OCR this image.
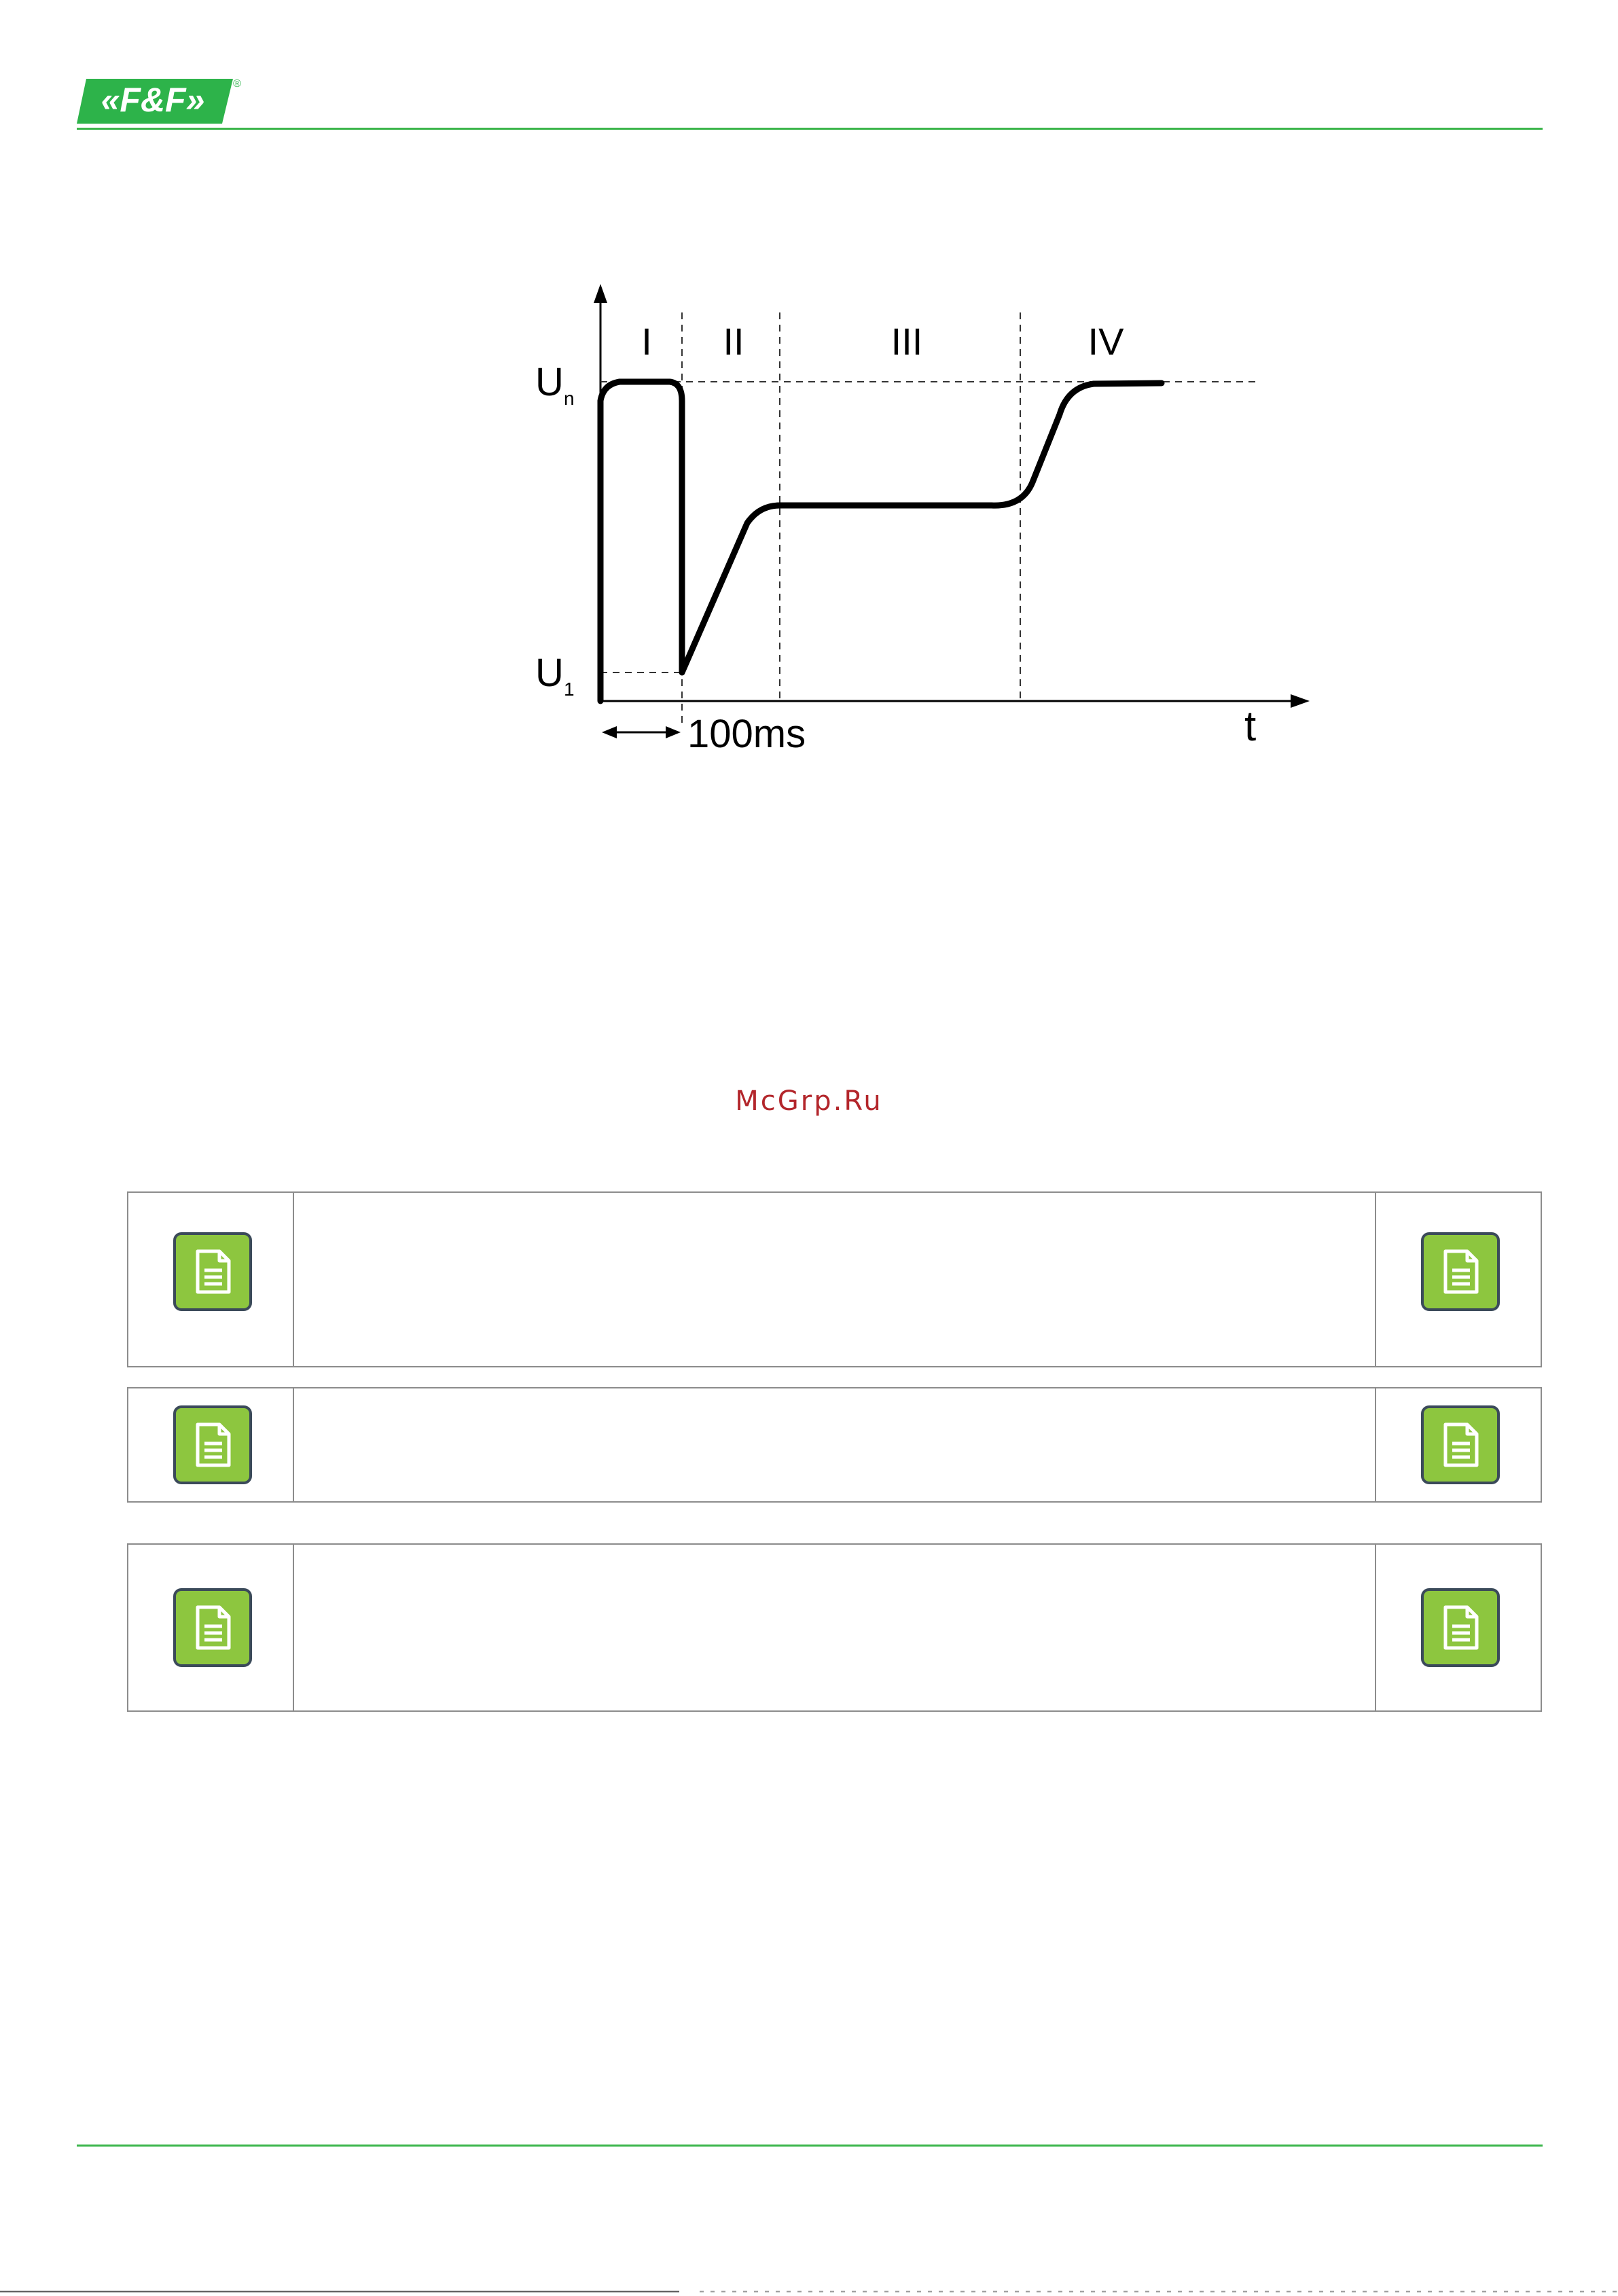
«F&F»	®
I II	III	IV
U n
U 1
100ms	t
McGrp.Ru
